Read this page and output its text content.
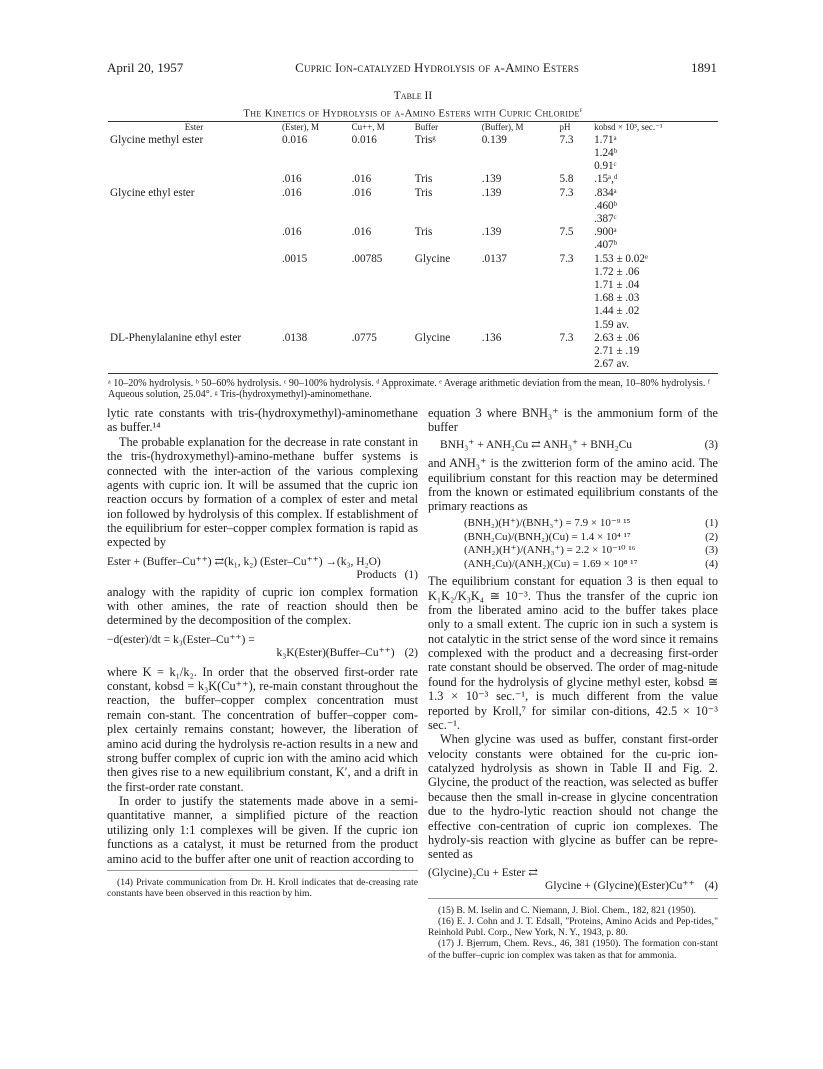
April 20, 1957	Cupric Ion-catalyzed Hydrolysis of α-Amino Esters	1891
Table II
The Kinetics of Hydrolysis of α-Amino Esters with Cupric Chloride$^f$
Ester	(Ester), M	Cu++, M	Buffer	(Buffer), M	pH	kobsd × 10³, sec.⁻¹
Glycine methyl ester	0.016	0.016	Trisᵍ	0.139	7.3	1.71ᵃ
						1.24ᵇ
						0.91ᶜ
	.016	.016	Tris	.139	5.8	.15ᵃ,ᵈ
Glycine ethyl ester	.016	.016	Tris	.139	7.3	.834ᵃ
						.460ᵇ
						.387ᶜ
	.016	.016	Tris	.139	7.5	.900ᵃ
						.407ᵇ
	.0015	.00785	Glycine	.0137	7.3	1.53 ± 0.02ᵉ
						1.72 ± .06
						1.71 ± .04
						1.68 ± .03
						1.44 ± .02
						1.59 av.
DL-Phenylalanine ethyl ester	.0138	.0775	Glycine	.136	7.3	2.63 ± .06
						2.71 ± .19
						2.67 av.
ᵃ 10–20% hydrolysis. ᵇ 50–60% hydrolysis. ᶜ 90–100% hydrolysis. ᵈ Approximate. ᵉ Average arithmetic deviation from the mean, 10–80% hydrolysis. ᶠ Aqueous solution, 25.04°. ᵍ Tris-(hydroxymethyl)-aminomethane.

lytic rate constants with tris-(hydroxymethyl)-aminomethane as buffer.¹⁴

The probable explanation for the decrease in rate constant in the tris-(hydroxymethyl)-amino-methane buffer systems is connected with the inter-action of the various complexing agents with cupric ion. It will be assumed that the cupric ion reaction occurs by formation of a complex of ester and metal ion followed by hydrolysis of this complex. If establishment of the equilibrium for ester–copper complex formation is rapid as expected by

Ester + (Buffer–Cu⁺⁺) ⇄(k₁, k₂) (Ester–Cu⁺⁺) →(k₃, H₂O)
Products (1)

analogy with the rapidity of cupric ion complex formation with other amines, the rate of reaction should then be determined by the decomposition of the complex.

−d(ester)/dt = k₃(Ester–Cu⁺⁺) =
k₃K(Ester)(Buffer–Cu⁺⁺) (2)

where K = k₁/k₂. In order that the observed first-order rate constant, kobsd = k₃K(Cu⁺⁺), re-main constant throughout the reaction, the buffer–copper complex concentration must remain con-stant. The concentration of buffer–copper com-plex certainly remains constant; however, the liberation of amino acid during the hydrolysis re-action results in a new and strong buffer complex of cupric ion with the amino acid which then gives rise to a new equilibrium constant, K′, and a drift in the first-order rate constant.

In order to justify the statements made above in a semi-quantitative manner, a simplified picture of the reaction utilizing only 1:1 complexes will be given. If the cupric ion functions as a catalyst, it must be returned from the product amino acid to the buffer after one unit of reaction according to

(14) Private communication from Dr. H. Kroll indicates that de-creasing rate constants have been observed in this reaction by him.

equation 3 where BNH₃⁺ is the ammonium form of the buffer

BNH₃⁺ + ANH₂Cu ⇄ ANH₃⁺ + BNH₂Cu	(3)

and ANH₃⁺ is the zwitterion form of the amino acid. The equilibrium constant for this reaction may be determined from the known or estimated equilibrium constants of the primary reactions as

(BNH₂)(H⁺)/(BNH₃⁺) = 7.9 × 10⁻⁹ ¹⁵	(1)
(BNH₂Cu)/(BNH₂)(Cu) = 1.4 × 10⁴ ¹⁷	(2)
(ANH₂)(H⁺)/(ANH₃⁺) = 2.2 × 10⁻¹⁰ ¹⁶	(3)
(ANH₂Cu)/(ANH₂)(Cu) = 1.69 × 10⁸ ¹⁷	(4)

The equilibrium constant for equation 3 is then equal to K₁K₂/K₃K₄ ≅ 10⁻³. Thus the transfer of the cupric ion from the liberated amino acid to the buffer takes place only to a small extent. The cupric ion in such a system is not catalytic in the strict sense of the word since it remains complexed with the product and a decreasing first-order rate constant should be observed. The order of mag-nitude found for the hydrolysis of glycine methyl ester, kobsd ≅ 1.3 × 10⁻³ sec.⁻¹, is much different from the value reported by Kroll,⁷ for similar con-ditions, 42.5 × 10⁻³ sec.⁻¹.

When glycine was used as buffer, constant first-order velocity constants were obtained for the cu-pric ion-catalyzed hydrolysis as shown in Table II and Fig. 2. Glycine, the product of the reaction, was selected as buffer because then the small in-crease in glycine concentration due to the hydro-lytic reaction should not change the effective con-centration of cupric ion complexes. The hydroly-sis reaction with glycine as buffer can be repre-sented as

(Glycine)₂Cu + Ester ⇄
Glycine + (Glycine)(Ester)Cu⁺⁺ (4)

(15) B. M. Iselin and C. Niemann, J. Biol. Chem., 182, 821 (1950).

(16) E. J. Cohn and J. T. Edsall, "Proteins, Amino Acids and Pep-tides," Reinhold Publ. Corp., New York, N. Y., 1943, p. 80.

(17) J. Bjerrum, Chem. Revs., 46, 381 (1950). The formation con-stant of the buffer–cupric ion complex was taken as that for ammonia.
